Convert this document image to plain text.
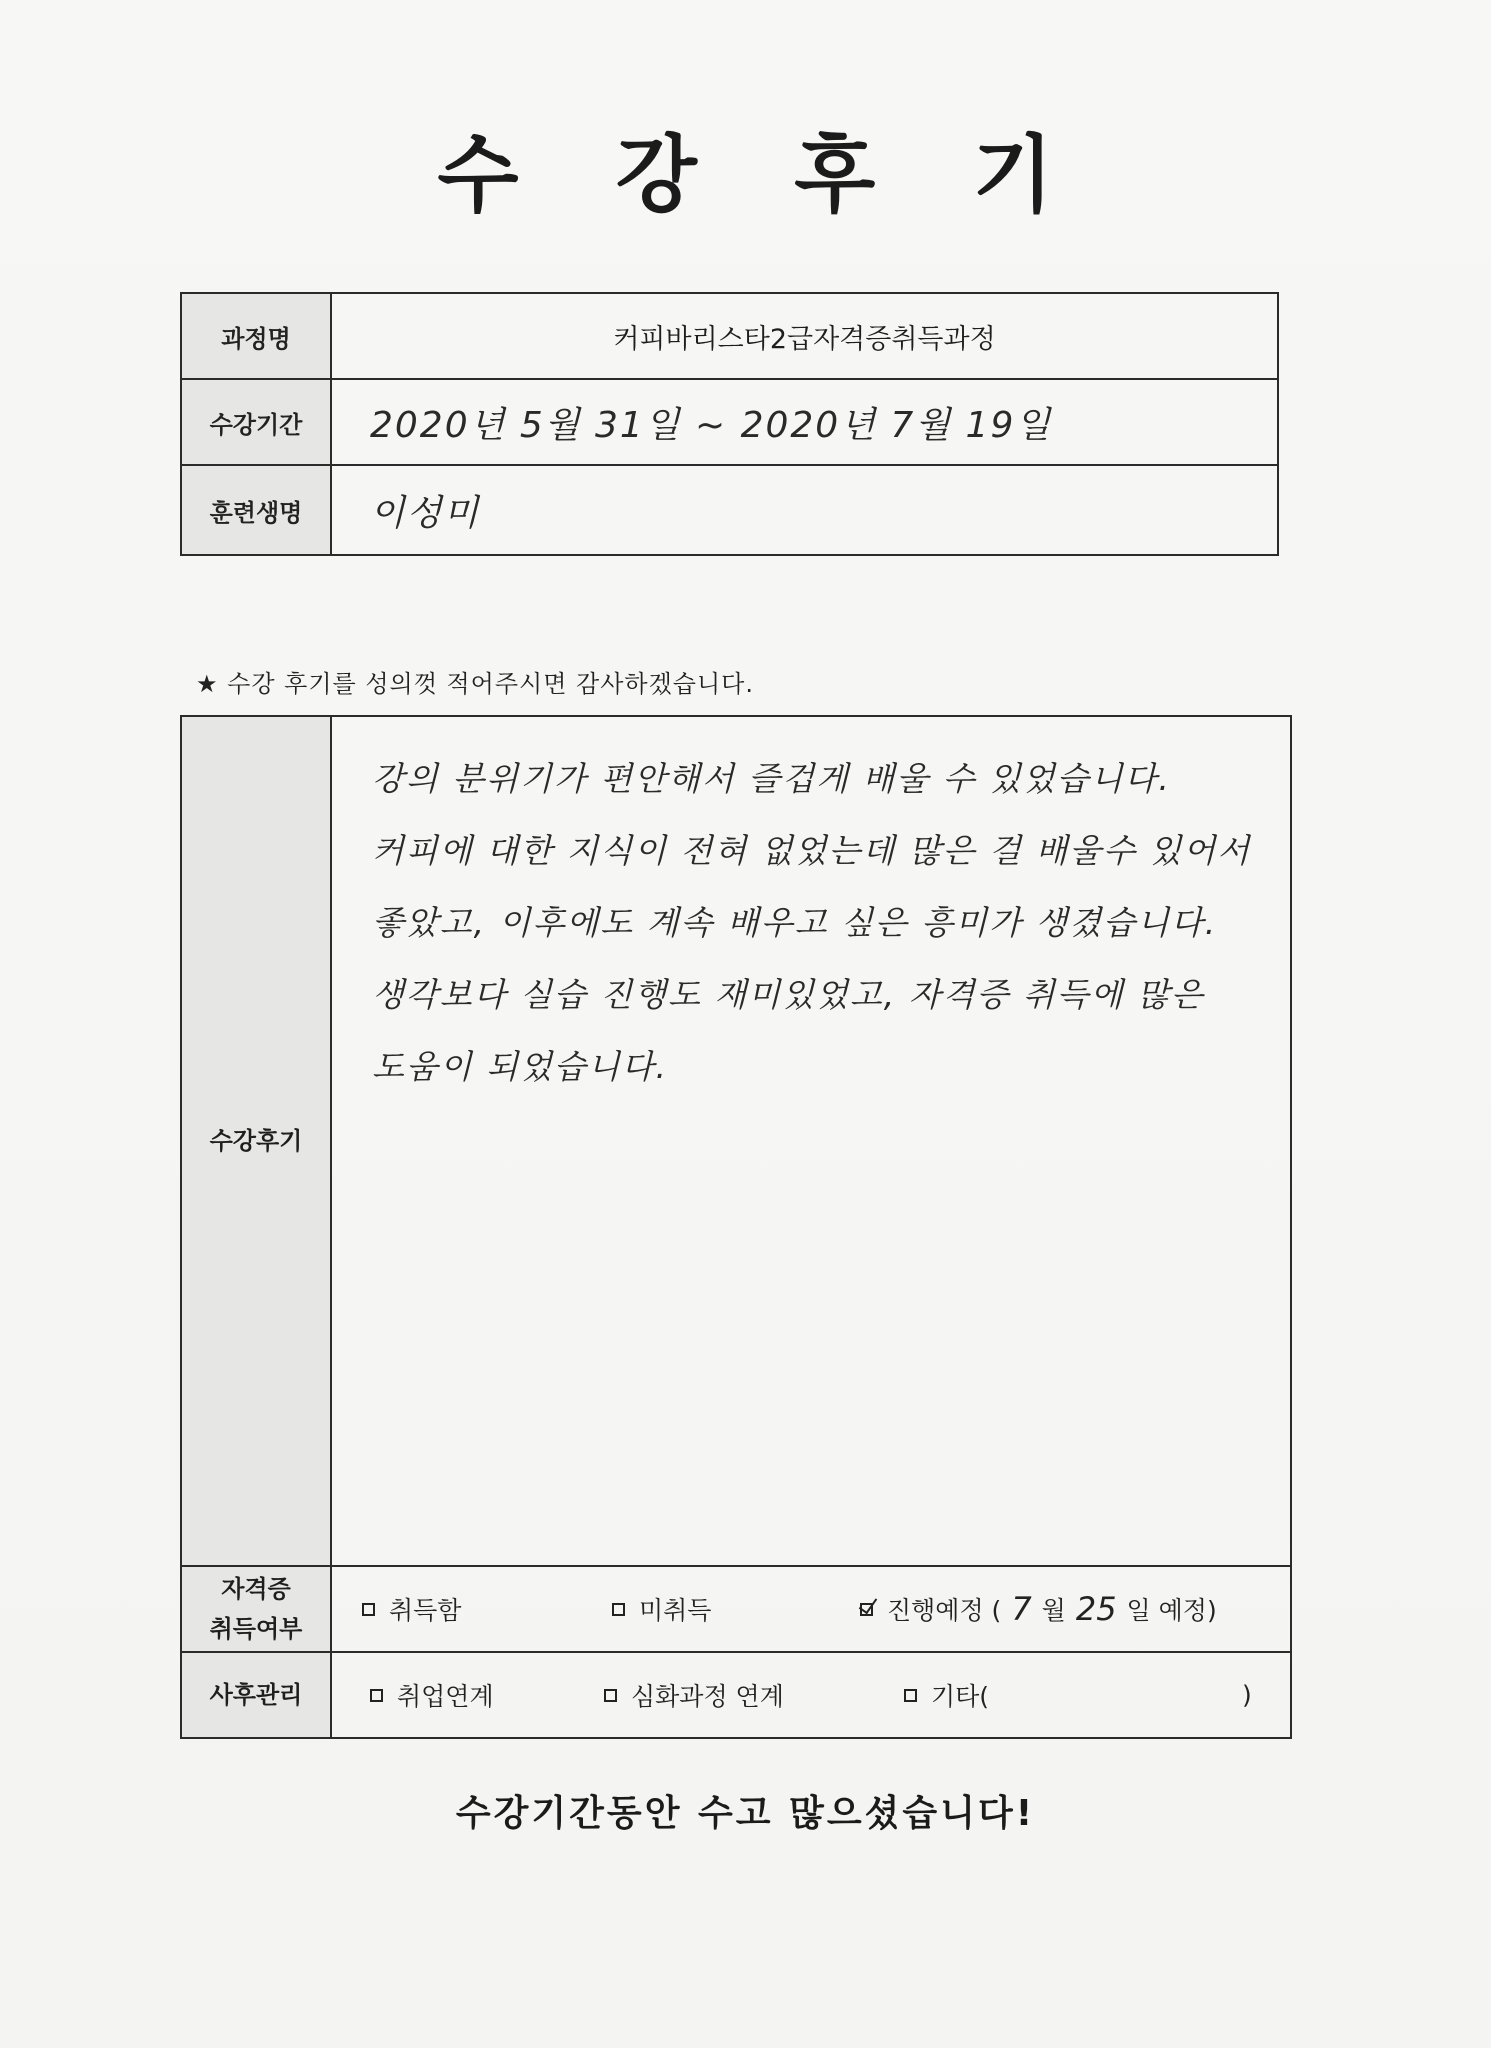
수 강 후 기
과정명	커피바리스타2급자격증취득과정
수강기간	2020년 5월 31일 ~ 2020년 7월 19일
훈련생명	이성미
★ 수강 후기를 성의껏 적어주시면 감사하겠습니다.
수강후기
강의 분위기가 편안해서 즐겁게 배울 수 있었습니다.
커피에 대한 지식이 전혀 없었는데 많은 걸 배울수 있어서
좋았고, 이후에도 계속 배우고 싶은 흥미가 생겼습니다.
생각보다 실습 진행도 재미있었고, 자격증 취득에 많은
도움이 되었습니다.
자격증
취득여부
취득함	미취득	진행예정 ( 7 월 25 일 예정)
사후관리	취업연계	심화과정 연계	기타(	)
수강기간동안 수고 많으셨습니다!
